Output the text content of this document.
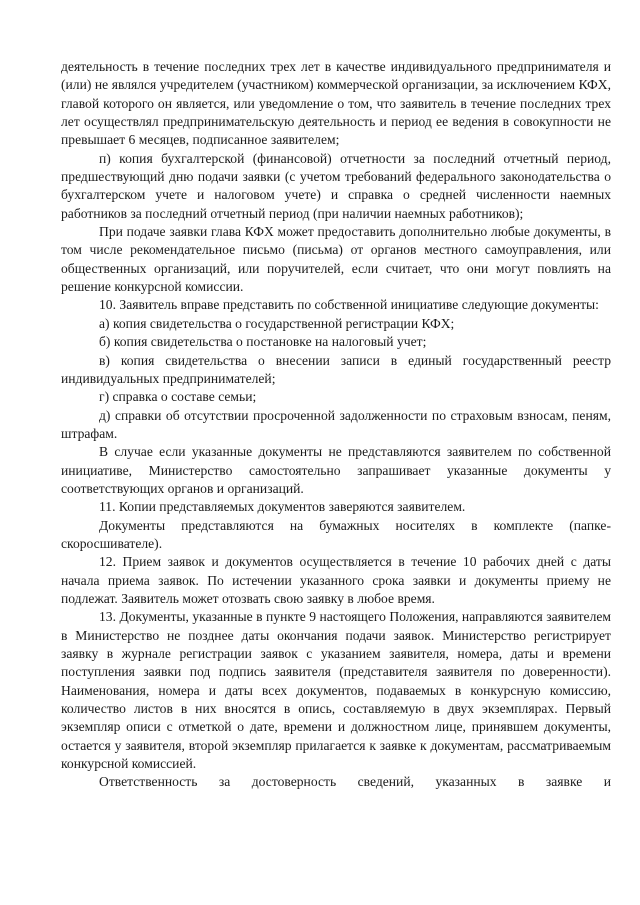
деятельность в течение последних трех лет в качестве индивидуального предпринимателя и (или) не являлся учредителем (участником) коммерческой организации, за исключением КФХ, главой которого он является, или уведомление о том, что заявитель в течение последних трех лет осуществлял предпринимательскую деятельность и период ее ведения в совокупности не превышает 6 месяцев, подписанное заявителем;

п) копия бухгалтерской (финансовой) отчетности за последний отчетный период, предшествующий дню подачи заявки (с учетом требований федерального законодательства о бухгалтерском учете и налоговом учете) и справка о средней численности наемных работников за последний отчетный период (при наличии наемных работников);

При подаче заявки глава КФХ может предоставить дополнительно любые документы, в том числе рекомендательное письмо (письма) от органов местного самоуправления, или общественных организаций, или поручителей, если считает, что они могут повлиять на решение конкурсной комиссии.

10. Заявитель вправе представить по собственной инициативе следующие документы:

а) копия свидетельства о государственной регистрации КФХ;

б) копия свидетельства о постановке на налоговый учет;

в) копия свидетельства о внесении записи в единый государственный реестр индивидуальных предпринимателей;

г) справка о составе семьи;

д) справки об отсутствии просроченной задолженности по страховым взносам, пеням, штрафам.

В случае если указанные документы не представляются заявителем по собственной инициативе, Министерство самостоятельно запрашивает указанные документы у соответствующих органов и организаций.

11. Копии представляемых документов заверяются заявителем.

Документы представляются на бумажных носителях в комплекте (папке-скоросшивателе).

12. Прием заявок и документов осуществляется в течение 10 рабочих дней с даты начала приема заявок. По истечении указанного срока заявки и документы приему не подлежат. Заявитель может отозвать свою заявку в любое время.

13. Документы, указанные в пункте 9 настоящего Положения, направляются заявителем в Министерство не позднее даты окончания подачи заявок. Министерство регистрирует заявку в журнале регистрации заявок с указанием заявителя, номера, даты и времени поступления заявки под подпись заявителя (представителя заявителя по доверенности). Наименования, номера и даты всех документов, подаваемых в конкурсную комиссию, количество листов в них вносятся в опись, составляемую в двух экземплярах. Первый экземпляр описи с отметкой о дате, времени и должностном лице, принявшем документы, остается у заявителя, второй экземпляр прилагается к заявке к документам, рассматриваемым конкурсной комиссией.

Ответственность за достоверность сведений, указанных в заявке и
